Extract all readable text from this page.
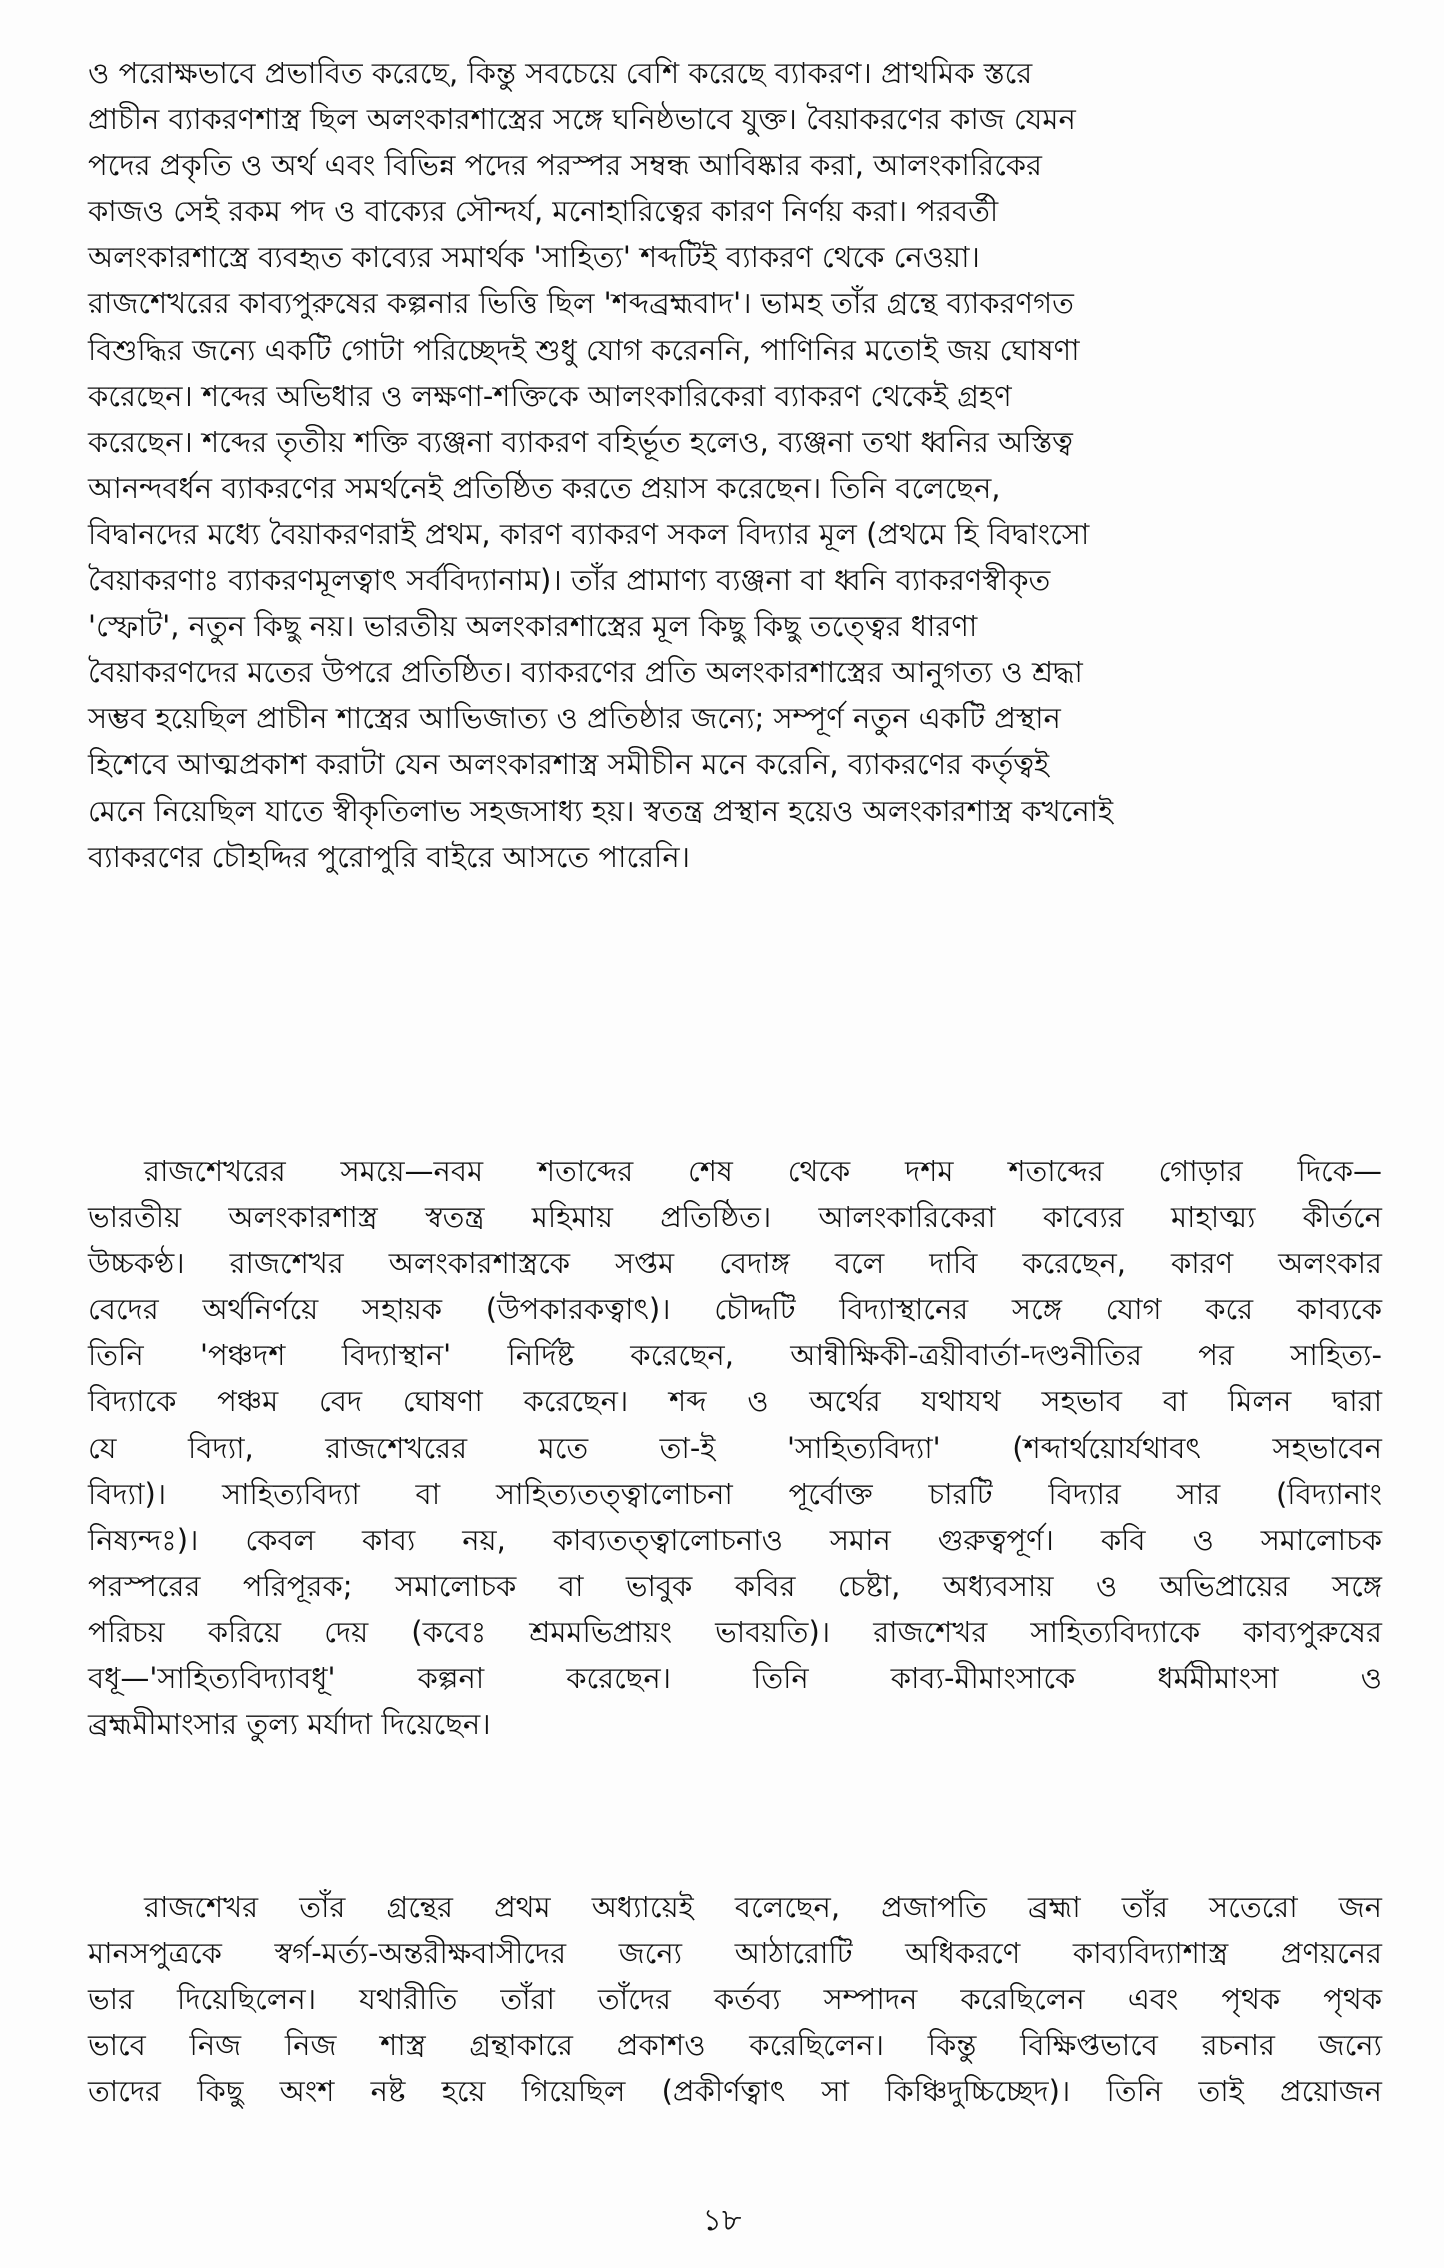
ও পরোক্ষভাবে প্রভাবিত করেছে, কিন্তু সবচেয়ে বেশি করেছে ব্যাকরণ। প্রাথমিক স্তরে
প্রাচীন ব্যাকরণশাস্ত্র ছিল অলংকারশাস্ত্রের সঙ্গে ঘনিষ্ঠভাবে যুক্ত। বৈয়াকরণের কাজ যেমন
পদের প্রকৃতি ও অর্থ এবং বিভিন্ন পদের পরস্পর সম্বন্ধ আবিষ্কার করা, আলংকারিকের
কাজও সেই রকম পদ ও বাক্যের সৌন্দর্য, মনোহারিত্বের কারণ নির্ণয় করা। পরবর্তী
অলংকারশাস্ত্রে ব্যবহৃত কাব্যের সমার্থক 'সাহিত্য' শব্দটিই ব্যাকরণ থেকে নেওয়া।
রাজশেখরের কাব্যপুরুষের কল্পনার ভিত্তি ছিল 'শব্দব্রহ্মবাদ'। ভামহ তাঁর গ্রন্থে ব্যাকরণগত
বিশুদ্ধির জন্যে একটি গোটা পরিচ্ছেদই শুধু যোগ করেননি, পাণিনির মতোই জয় ঘোষণা
করেছেন। শব্দের অভিধার ও লক্ষণা-শক্তিকে আলংকারিকেরা ব্যাকরণ থেকেই গ্রহণ
করেছেন। শব্দের তৃতীয় শক্তি ব্যঞ্জনা ব্যাকরণ বহির্ভূত হলেও, ব্যঞ্জনা তথা ধ্বনির অস্তিত্ব
আনন্দবর্ধন ব্যাকরণের সমর্থনেই প্রতিষ্ঠিত করতে প্রয়াস করেছেন। তিনি বলেছেন,
বিদ্বানদের মধ্যে বৈয়াকরণরাই প্রথম, কারণ ব্যাকরণ সকল বিদ্যার মূল (প্রথমে হি বিদ্বাংসো
বৈয়াকরণাঃ ব্যাকরণমূলত্বাৎ সর্ববিদ্যানাম)। তাঁর প্রামাণ্য ব্যঞ্জনা বা ধ্বনি ব্যাকরণস্বীকৃত
'স্ফোট', নতুন কিছু নয়। ভারতীয় অলংকারশাস্ত্রের মূল কিছু কিছু তত্ত্বের ধারণা
বৈয়াকরণদের মতের উপরে প্রতিষ্ঠিত। ব্যাকরণের প্রতি অলংকারশাস্ত্রের আনুগত্য ও শ্রদ্ধা
সম্ভব হয়েছিল প্রাচীন শাস্ত্রের আভিজাত্য ও প্রতিষ্ঠার জন্যে; সম্পূর্ণ নতুন একটি প্রস্থান
হিশেবে আত্মপ্রকাশ করাটা যেন অলংকারশাস্ত্র সমীচীন মনে করেনি, ব্যাকরণের কর্তৃত্বই
মেনে নিয়েছিল যাতে স্বীকৃতিলাভ সহজসাধ্য হয়। স্বতন্ত্র প্রস্থান হয়েও অলংকারশাস্ত্র কখনোই
ব্যাকরণের চৌহদ্দির পুরোপুরি বাইরে আসতে পারেনি।
রাজশেখরের সময়ে—নবম শতাব্দের শেষ থেকে দশম শতাব্দের গোড়ার দিকে—
ভারতীয় অলংকারশাস্ত্র স্বতন্ত্র মহিমায় প্রতিষ্ঠিত। আলংকারিকেরা কাব্যের মাহাত্ম্য কীর্তনে
উচ্চকণ্ঠ। রাজশেখর অলংকারশাস্ত্রকে সপ্তম বেদাঙ্গ বলে দাবি করেছেন, কারণ অলংকার
বেদের অর্থনির্ণয়ে সহায়ক (উপকারকত্বাৎ)। চৌদ্দটি বিদ্যাস্থানের সঙ্গে যোগ করে কাব্যকে
তিনি 'পঞ্চদশ বিদ্যাস্থান' নির্দিষ্ট করেছেন, আন্বীক্ষিকী-ত্রয়ীবার্তা-দণ্ডনীতির পর সাহিত্য-
বিদ্যাকে পঞ্চম বেদ ঘোষণা করেছেন। শব্দ ও অর্থের যথাযথ সহভাব বা মিলন দ্বারা
যে বিদ্যা, রাজশেখরের মতে তা-ই 'সাহিত্যবিদ্যা' (শব্দার্থয়োর্যথাবৎ সহভাবেন
বিদ্যা)। সাহিত্যবিদ্যা বা সাহিত্যতত্ত্বালোচনা পূর্বোক্ত চারটি বিদ্যার সার (বিদ্যানাং
নিষ্যন্দঃ)। কেবল কাব্য নয়, কাব্যতত্ত্বালোচনাও সমান গুরুত্বপূর্ণ। কবি ও সমালোচক
পরস্পরের পরিপূরক; সমালোচক বা ভাবুক কবির চেষ্টা, অধ্যবসায় ও অভিপ্রায়ের সঙ্গে
পরিচয় করিয়ে দেয় (কবেঃ শ্রমমভিপ্রায়ং ভাবয়তি)। রাজশেখর সাহিত্যবিদ্যাকে কাব্যপুরুষের
বধূ—'সাহিত্যবিদ্যাবধূ' কল্পনা করেছেন। তিনি কাব্য-মীমাংসাকে ধর্মমীমাংসা ও
ব্রহ্মমীমাংসার তুল্য মর্যাদা দিয়েছেন।
রাজশেখর তাঁর গ্রন্থের প্রথম অধ্যায়েই বলেছেন, প্রজাপতি ব্রহ্মা তাঁর সতেরো জন
মানসপুত্রকে স্বর্গ-মর্ত্য-অন্তরীক্ষবাসীদের জন্যে আঠারোটি অধিকরণে কাব্যবিদ্যাশাস্ত্র প্রণয়নের
ভার দিয়েছিলেন। যথারীতি তাঁরা তাঁদের কর্তব্য সম্পাদন করেছিলেন এবং পৃথক পৃথক
ভাবে নিজ নিজ শাস্ত্র গ্রন্থাকারে প্রকাশও করেছিলেন। কিন্তু বিক্ষিপ্তভাবে রচনার জন্যে
তাদের কিছু অংশ নষ্ট হয়ে গিয়েছিল (প্রকীর্ণত্বাৎ সা কিঞ্চিদুচ্চিচ্ছেদ)। তিনি তাই প্রয়োজন
১৮
